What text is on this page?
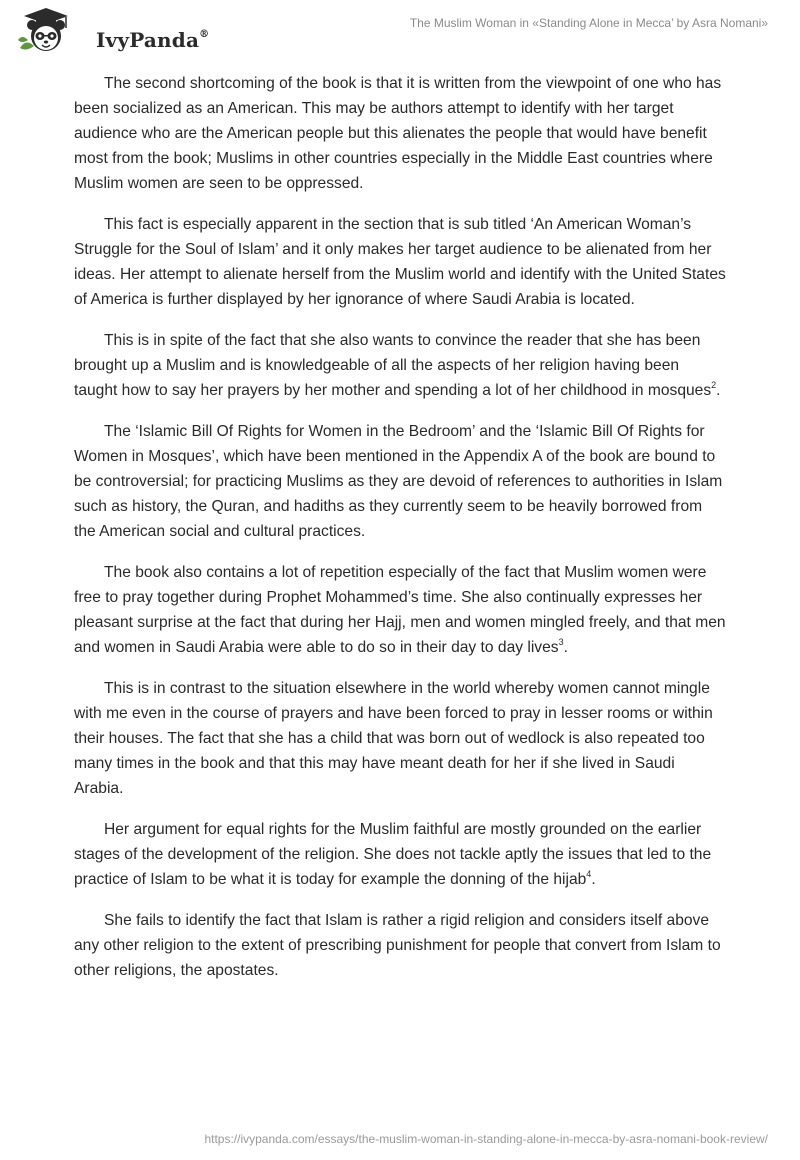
IvyPanda®
The Muslim Woman in «Standing Alone in Mecca’ by Asra Nomani»

The second shortcoming of the book is that it is written from the viewpoint of one who has been socialized as an American. This may be authors attempt to identify with her target audience who are the American people but this alienates the people that would have benefit most from the book; Muslims in other countries especially in the Middle East countries where Muslim women are seen to be oppressed.

This fact is especially apparent in the section that is sub titled ‘An American Woman’s Struggle for the Soul of Islam’ and it only makes her target audience to be alienated from her ideas. Her attempt to alienate herself from the Muslim world and identify with the United States of America is further displayed by her ignorance of where Saudi Arabia is located.

This is in spite of the fact that she also wants to convince the reader that she has been brought up a Muslim and is knowledgeable of all the aspects of her religion having been taught how to say her prayers by her mother and spending a lot of her childhood in mosques$^2$.

The ‘Islamic Bill Of Rights for Women in the Bedroom’ and the ‘Islamic Bill Of Rights for Women in Mosques’, which have been mentioned in the Appendix A of the book are bound to be controversial; for practicing Muslims as they are devoid of references to authorities in Islam such as history, the Quran, and hadiths as they currently seem to be heavily borrowed from the American social and cultural practices.

The book also contains a lot of repetition especially of the fact that Muslim women were free to pray together during Prophet Mohammed’s time. She also continually expresses her pleasant surprise at the fact that during her Hajj, men and women mingled freely, and that men and women in Saudi Arabia were able to do so in their day to day lives$^3$.

This is in contrast to the situation elsewhere in the world whereby women cannot mingle with me even in the course of prayers and have been forced to pray in lesser rooms or within their houses. The fact that she has a child that was born out of wedlock is also repeated too many times in the book and that this may have meant death for her if she lived in Saudi Arabia.

Her argument for equal rights for the Muslim faithful are mostly grounded on the earlier stages of the development of the religion. She does not tackle aptly the issues that led to the practice of Islam to be what it is today for example the donning of the hijab$^4$.

She fails to identify the fact that Islam is rather a rigid religion and considers itself above any other religion to the extent of prescribing punishment for people that convert from Islam to other religions, the apostates.

https://ivypanda.com/essays/the-muslim-woman-in-standing-alone-in-mecca-by-asra-nomani-book-review/
